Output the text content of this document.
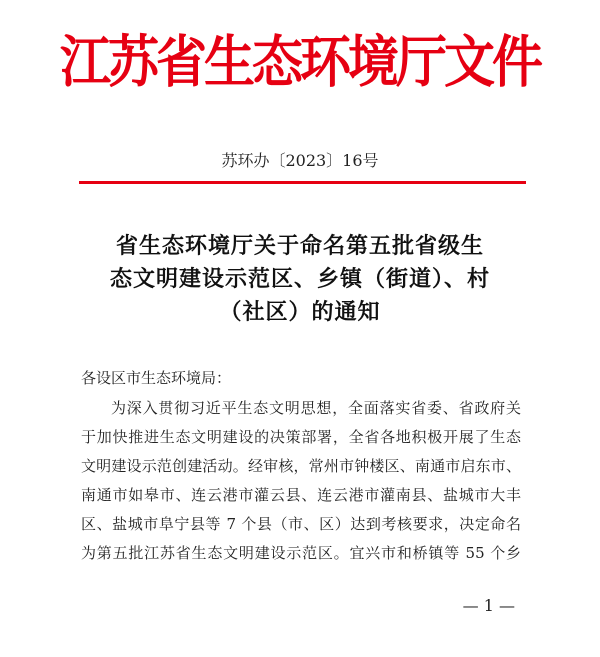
江苏省生态环境厅文件
苏环办〔2023〕16号
省生态环境厅关于命名第五批省级生
态文明建设示范区、乡镇（街道）、村
（社区）的通知
各设区市生态环境局：
为深入贯彻习近平生态文明思想，全面落实省委、省政府关
于加快推进生态文明建设的决策部署，全省各地积极开展了生态
文明建设示范创建活动。经审核，常州市钟楼区、南通市启东市、
南通市如皋市、连云港市灌云县、连云港市灌南县、盐城市大丰
区、盐城市阜宁县等 7 个县（市、区）达到考核要求，决定命名
为第五批江苏省生态文明建设示范区。宜兴市和桥镇等 55 个乡
— 1 —
